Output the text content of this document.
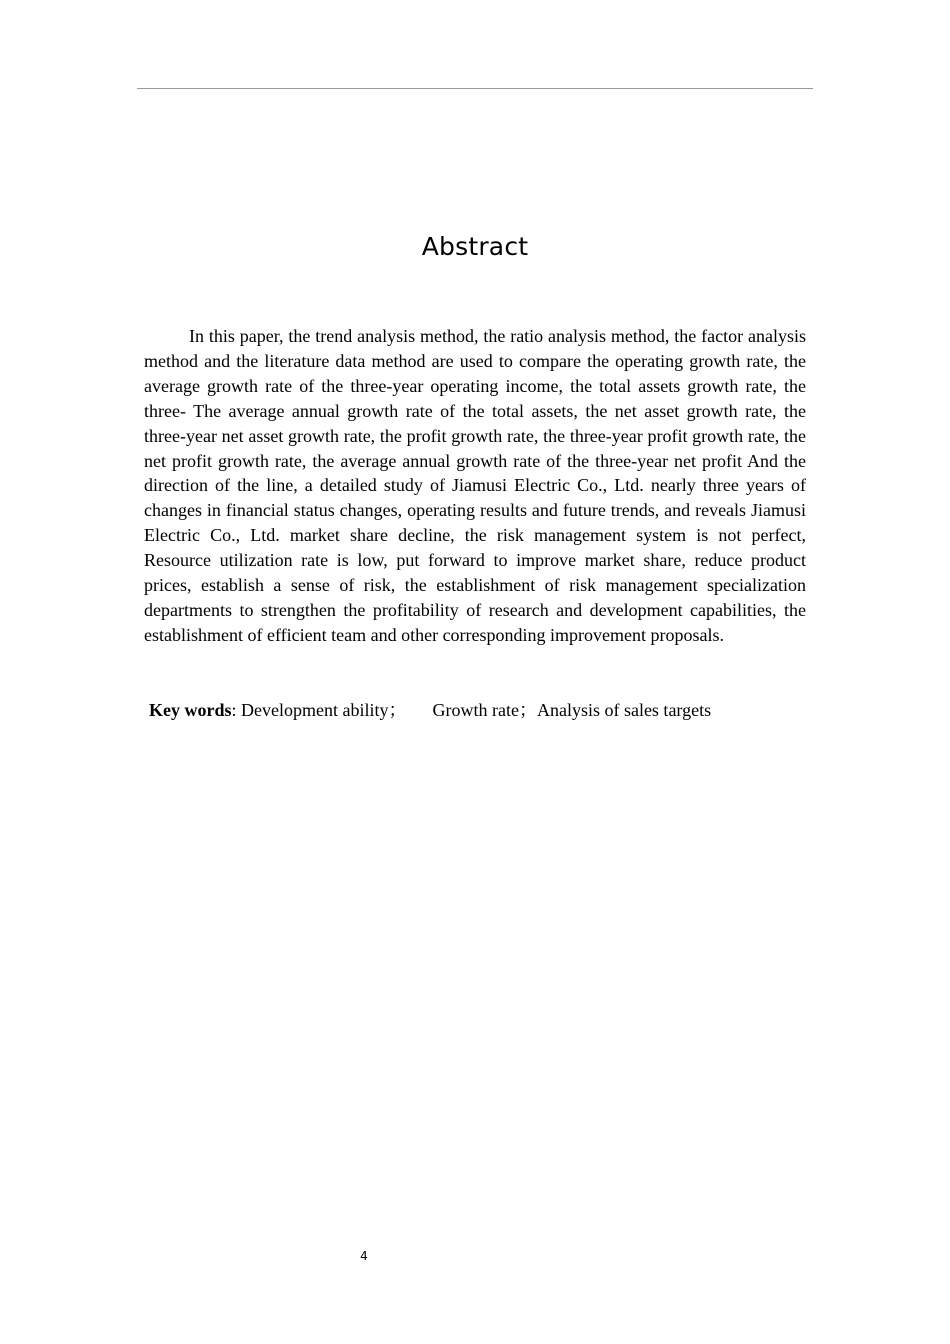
Abstract

In this paper, the trend analysis method, the ratio analysis method, the factor analysis method and the literature data method are used to compare the operating growth rate, the average growth rate of the three-year operating income, the total assets growth rate, the three- The average annual growth rate of the total assets, the net asset growth rate, the three-year net asset growth rate, the profit growth rate, the three-year profit growth rate, the net profit growth rate, the average annual growth rate of the three-year net profit And the direction of the line, a detailed study of Jiamusi Electric Co., Ltd. nearly three years of changes in financial status changes, operating results and future trends, and reveals Jiamusi Electric Co., Ltd. market share decline, the risk management system is not perfect, Resource utilization rate is low, put forward to improve market share, reduce product prices, establish a sense of risk, the establishment of risk management specialization departments to strengthen the profitability of research and development capabilities, the establishment of efficient team and other corresponding improvement proposals.

Key words: Development ability； Growth rate；Analysis of sales targets

4
